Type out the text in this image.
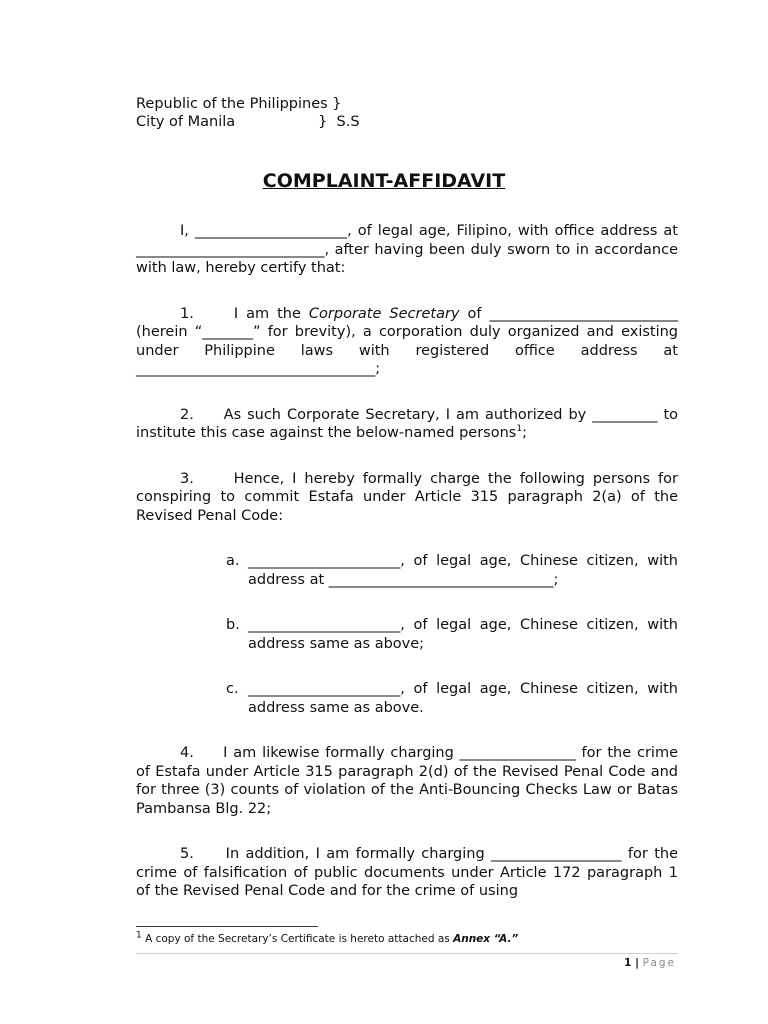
Republic of the Philippines }
City of Manila                  }  S.S
COMPLAINT-AFFIDAVIT

I, _____________________, of legal age, Filipino, with office address at __________________________, after having been duly sworn to in accordance with law, hereby certify that:

1.	I am the Corporate Secretary of __________________________ (herein “_______” for brevity), a corporation duly organized and existing under Philippine laws with registered office address at _________________________________;

2. As such Corporate Secretary, I am authorized by _________ to institute this case against the below-named persons$^1$;

3.	Hence, I hereby formally charge the following persons for conspiring to commit Estafa under Article 315 paragraph 2(a) of the Revised Penal Code:

a. _____________________, of legal age, Chinese citizen, with address at _______________________________;

b. _____________________, of legal age, Chinese citizen, with address same as above;

c. _____________________, of legal age, Chinese citizen, with address same as above.

4. I am likewise formally charging ________________ for the crime of Estafa under Article 315 paragraph 2(d) of the Revised Penal Code and for three (3) counts of violation of the Anti-Bouncing Checks Law or Batas Pambansa Blg. 22;

5. In addition, I am formally charging __________________ for the crime of falsification of public documents under Article 172 paragraph 1 of the Revised Penal Code and for the crime of using

$^1$ A copy of the Secretary’s Certificate is hereto attached as Annex “A.”
1 | Page
